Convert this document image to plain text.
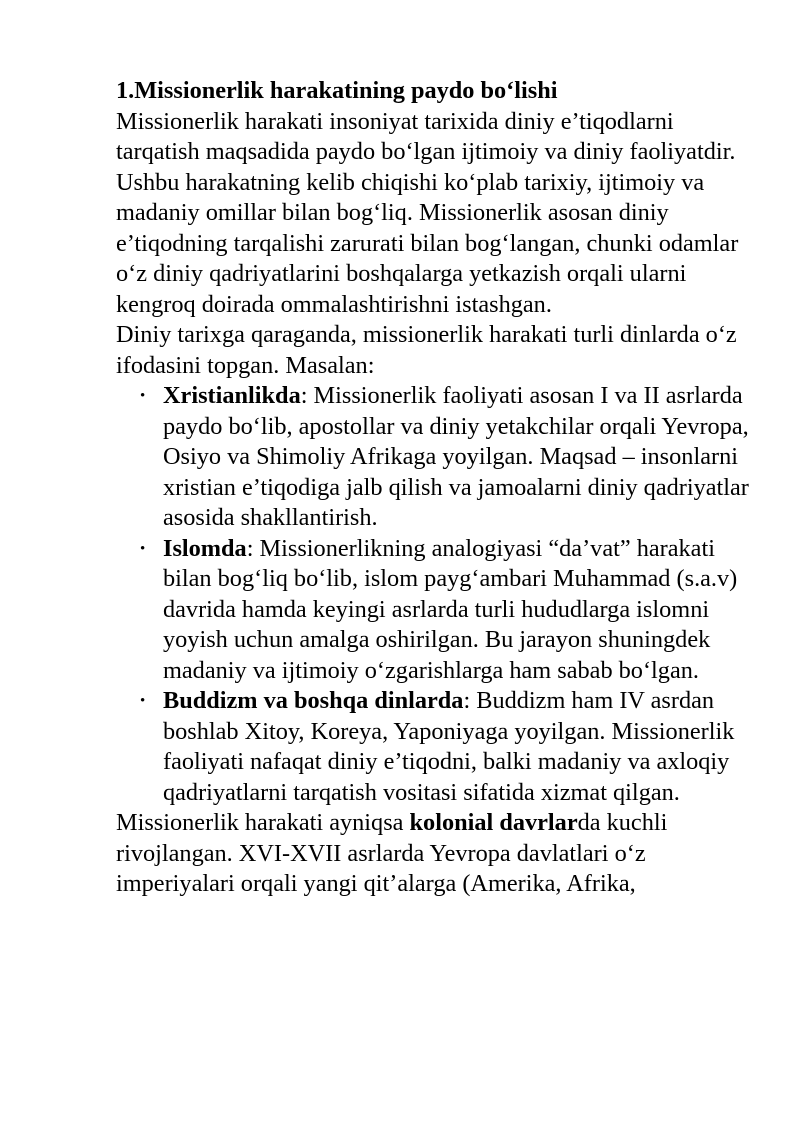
1.Missionerlik harakatining paydo bo‘lishi

Missionerlik harakati insoniyat tarixida diniy e’tiqodlarni tarqatish maqsadida paydo bo‘lgan ijtimoiy va diniy faoliyatdir. Ushbu harakatning kelib chiqishi ko‘plab tarixiy, ijtimoiy va madaniy omillar bilan bog‘liq. Missionerlik asosan diniy e’tiqodning tarqalishi zarurati bilan bog‘langan, chunki odamlar o‘z diniy qadriyatlarini boshqalarga yetkazish orqali ularni kengroq doirada ommalashtirishni istashgan.

Diniy tarixga qaraganda, missionerlik harakati turli dinlarda o‘z ifodasini topgan. Masalan:

• Xristianlikda: Missionerlik faoliyati asosan I va II asrlarda paydo bo‘lib, apostollar va diniy yetakchilar orqali Yevropa, Osiyo va Shimoliy Afrikaga yoyilgan. Maqsad – insonlarni xristian e’tiqodiga jalb qilish va jamoalarni diniy qadriyatlar asosida shakllantirish.
• Islomda: Missionerlikning analogiyasi “da’vat” harakati bilan bog‘liq bo‘lib, islom payg‘ambari Muhammad (s.a.v) davrida hamda keyingi asrlarda turli hududlarga islomni yoyish uchun amalga oshirilgan. Bu jarayon shuningdek madaniy va ijtimoiy o‘zgarishlarga ham sabab bo‘lgan.
• Buddizm va boshqa dinlarda: Buddizm ham IV asrdan boshlab Xitoy, Koreya, Yaponiyaga yoyilgan. Missionerlik faoliyati nafaqat diniy e’tiqodni, balki madaniy va axloqiy qadriyatlarni tarqatish vositasi sifatida xizmat qilgan.

Missionerlik harakati ayniqsa kolonial davrlarda kuchli rivojlangan. XVI-XVII asrlarda Yevropa davlatlari o‘z imperiyalari orqali yangi qit’alarga (Amerika, Afrika,
